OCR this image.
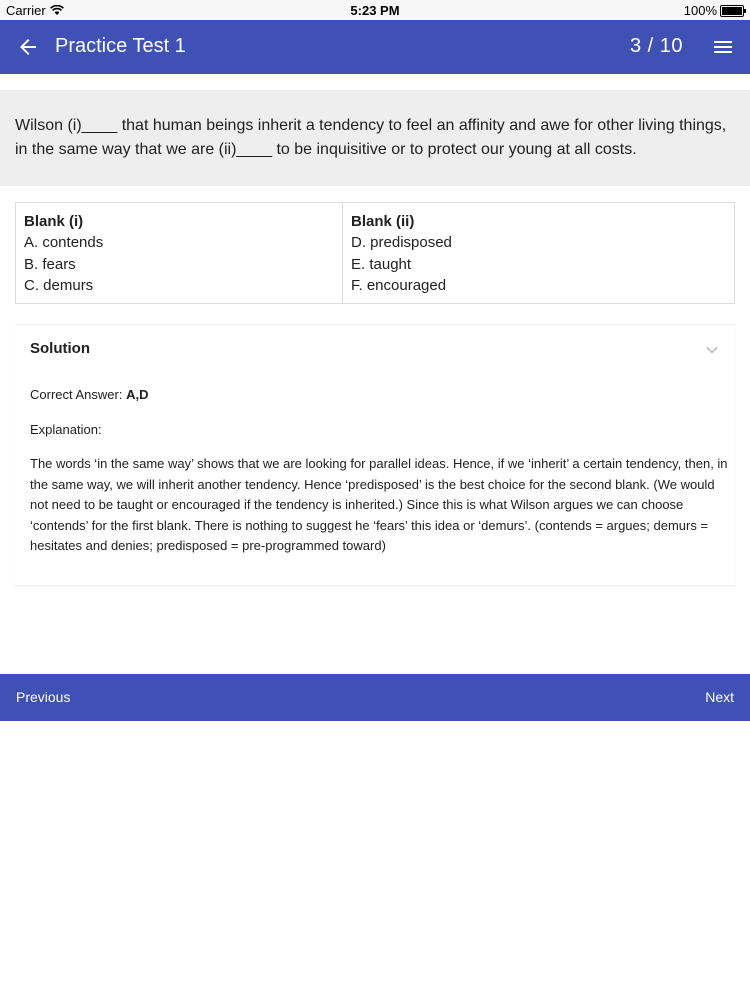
Carrier	5:23 PM	100%
Practice Test 1	3 / 10

Wilson (i)____ that human beings inherit a tendency to feel an affinity and awe for other living things, in the same way that we are (ii)____ to be inquisitive or to protect our young at all costs.

Blank (i)
A. contends
B. fears
C. demurs
Blank (ii)
D. predisposed
E. taught
F. encouraged
Solution
Correct Answer: A,D
Explanation:

The words ‘in the same way’ shows that we are looking for parallel ideas. Hence, if we ‘inherit’ a certain tendency, then, in the same way, we will inherit another tendency. Hence ‘predisposed’ is the best choice for the second blank. (We would not need to be taught or encouraged if the tendency is inherited.) Since this is what Wilson argues we can choose ‘contends’ for the first blank. There is nothing to suggest he ‘fears’ this idea or ‘demurs’. (contends = argues; demurs = hesitates and denies; predisposed = pre-programmed toward)

Previous	Next
